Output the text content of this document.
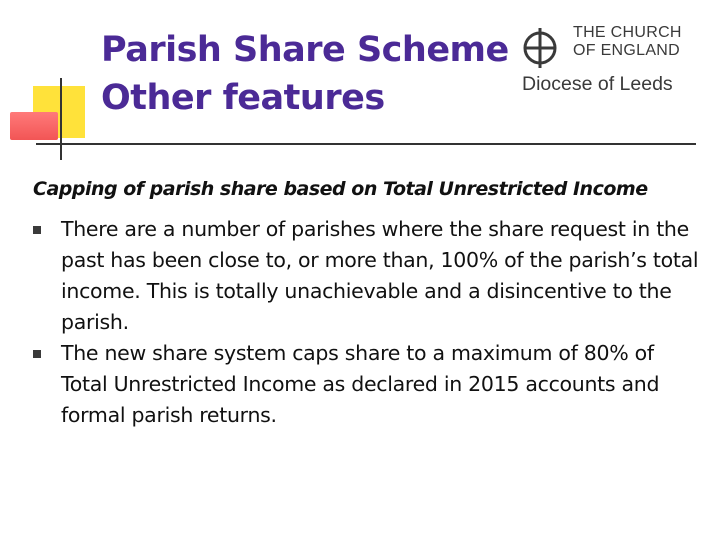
Parish Share Scheme
Other features
THE CHURCH
OF ENGLAND
Diocese of Leeds
Capping of parish share based on Total Unrestricted Income
There are a number of parishes where the share request in the past has been close to, or more than, 100% of the parish’s total income. This is totally unachievable and a disincentive to the parish.
The new share system caps share to a maximum of 80% of Total Unrestricted Income as declared in 2015 accounts and formal parish returns.
